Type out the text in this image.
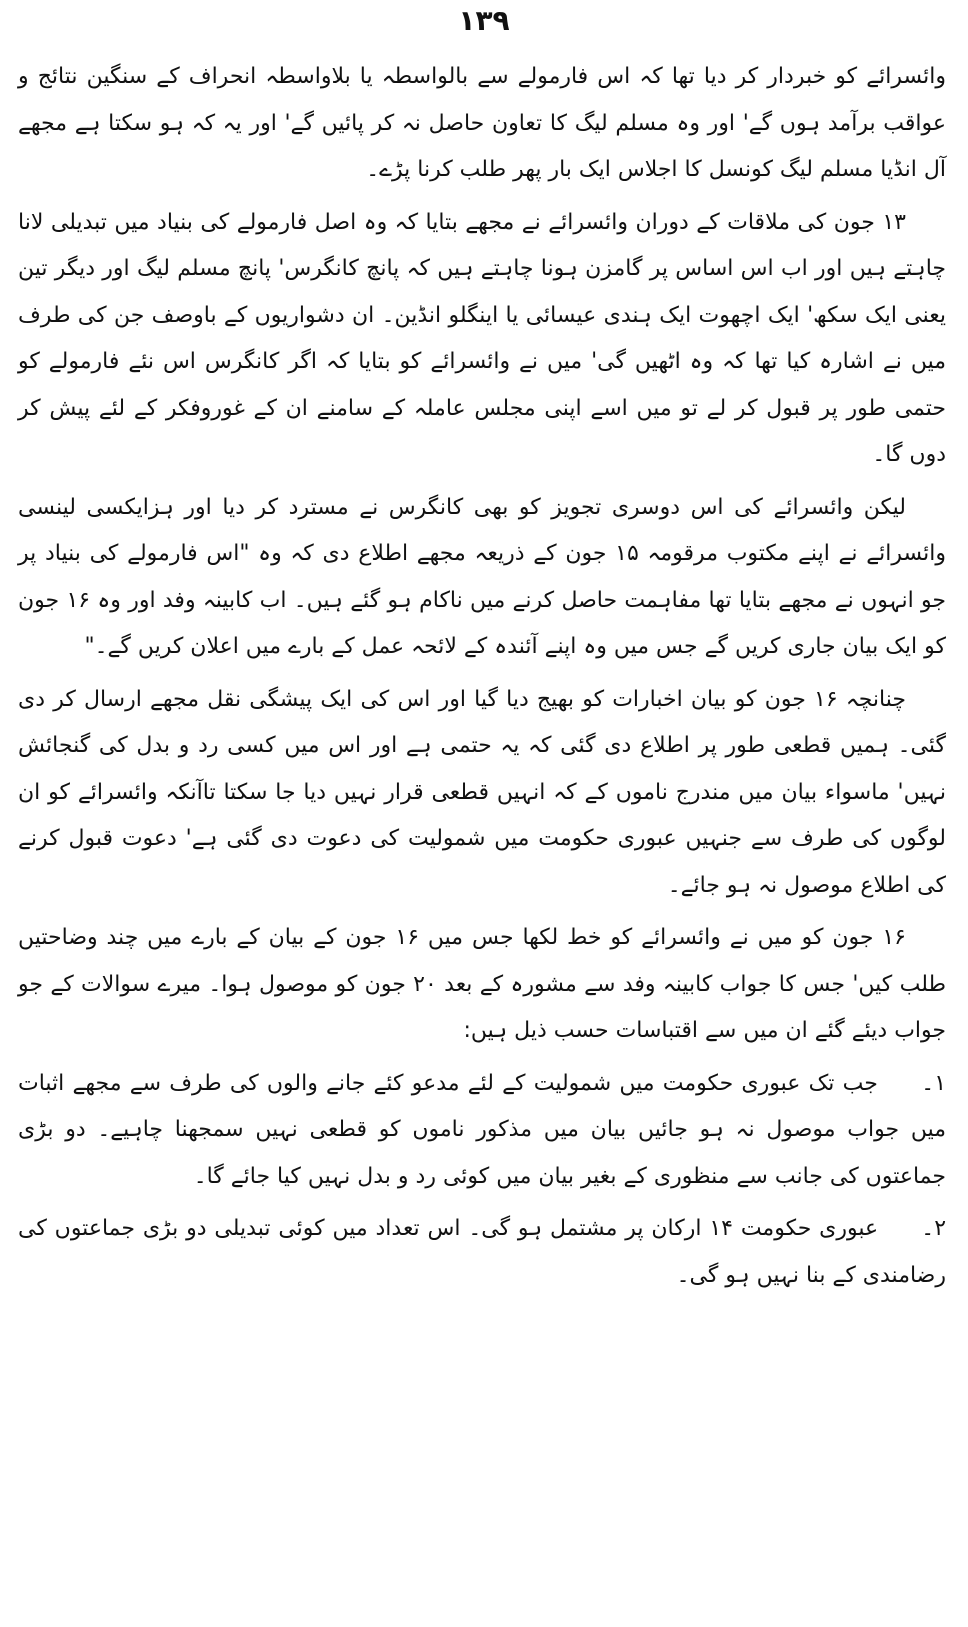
۱۳۹

وائسرائے کو خبردار کر دیا تھا کہ اس فارمولے سے بالواسطہ یا بلاواسطہ انحراف کے سنگین نتائج و عواقب برآمد ہوں گے' اور وہ مسلم لیگ کا تعاون حاصل نہ کر پائیں گے' اور یہ کہ ہو سکتا ہے مجھے آل انڈیا مسلم لیگ کونسل کا اجلاس ایک بار پھر طلب کرنا پڑے۔

۱۳ جون کی ملاقات کے دوران وائسرائے نے مجھے بتایا کہ وہ اصل فارمولے کی بنیاد میں تبدیلی لانا چاہتے ہیں اور اب اس اساس پر گامزن ہونا چاہتے ہیں کہ پانچ کانگرس' پانچ مسلم لیگ اور دیگر تین یعنی ایک سکھ' ایک اچھوت ایک ہندی عیسائی یا اینگلو انڈین۔ ان دشواریوں کے باوصف جن کی طرف میں نے اشارہ کیا تھا کہ وہ اٹھیں گی' میں نے وائسرائے کو بتایا کہ اگر کانگرس اس نئے فارمولے کو حتمی طور پر قبول کر لے تو میں اسے اپنی مجلس عاملہ کے سامنے ان کے غوروفکر کے لئے پیش کر دوں گا۔

لیکن وائسرائے کی اس دوسری تجویز کو بھی کانگرس نے مسترد کر دیا اور ہزایکسی لینسی وائسرائے نے اپنے مکتوب مرقومہ ۱۵ جون کے ذریعہ مجھے اطلاع دی کہ وہ "اس فارمولے کی بنیاد پر جو انہوں نے مجھے بتایا تھا مفاہمت حاصل کرنے میں ناکام ہو گئے ہیں۔ اب کابینہ وفد اور وہ ۱۶ جون کو ایک بیان جاری کریں گے جس میں وہ اپنے آئندہ کے لائحہ عمل کے بارے میں اعلان کریں گے۔"

چنانچہ ۱۶ جون کو بیان اخبارات کو بھیج دیا گیا اور اس کی ایک پیشگی نقل مجھے ارسال کر دی گئی۔ ہمیں قطعی طور پر اطلاع دی گئی کہ یہ حتمی ہے اور اس میں کسی رد و بدل کی گنجائش نہیں' ماسواء بیان میں مندرج ناموں کے کہ انہیں قطعی قرار نہیں دیا جا سکتا تاآنکہ وائسرائے کو ان لوگوں کی طرف سے جنہیں عبوری حکومت میں شمولیت کی دعوت دی گئی ہے' دعوت قبول کرنے کی اطلاع موصول نہ ہو جائے۔

۱۶ جون کو میں نے وائسرائے کو خط لکھا جس میں ۱۶ جون کے بیان کے بارے میں چند وضاحتیں طلب کیں' جس کا جواب کابینہ وفد سے مشورہ کے بعد ۲۰ جون کو موصول ہوا۔ میرے سوالات کے جو جواب دیئے گئے ان میں سے اقتباسات حسب ذیل ہیں:

۱۔ جب تک عبوری حکومت میں شمولیت کے لئے مدعو کئے جانے والوں کی طرف سے مجھے اثبات میں جواب موصول نہ ہو جائیں بیان میں مذکور ناموں کو قطعی نہیں سمجھنا چاہیے۔ دو بڑی جماعتوں کی جانب سے منظوری کے بغیر بیان میں کوئی رد و بدل نہیں کیا جائے گا۔

۲۔ عبوری حکومت ۱۴ ارکان پر مشتمل ہو گی۔ اس تعداد میں کوئی تبدیلی دو بڑی جماعتوں کی رضامندی کے بنا نہیں ہو گی۔
